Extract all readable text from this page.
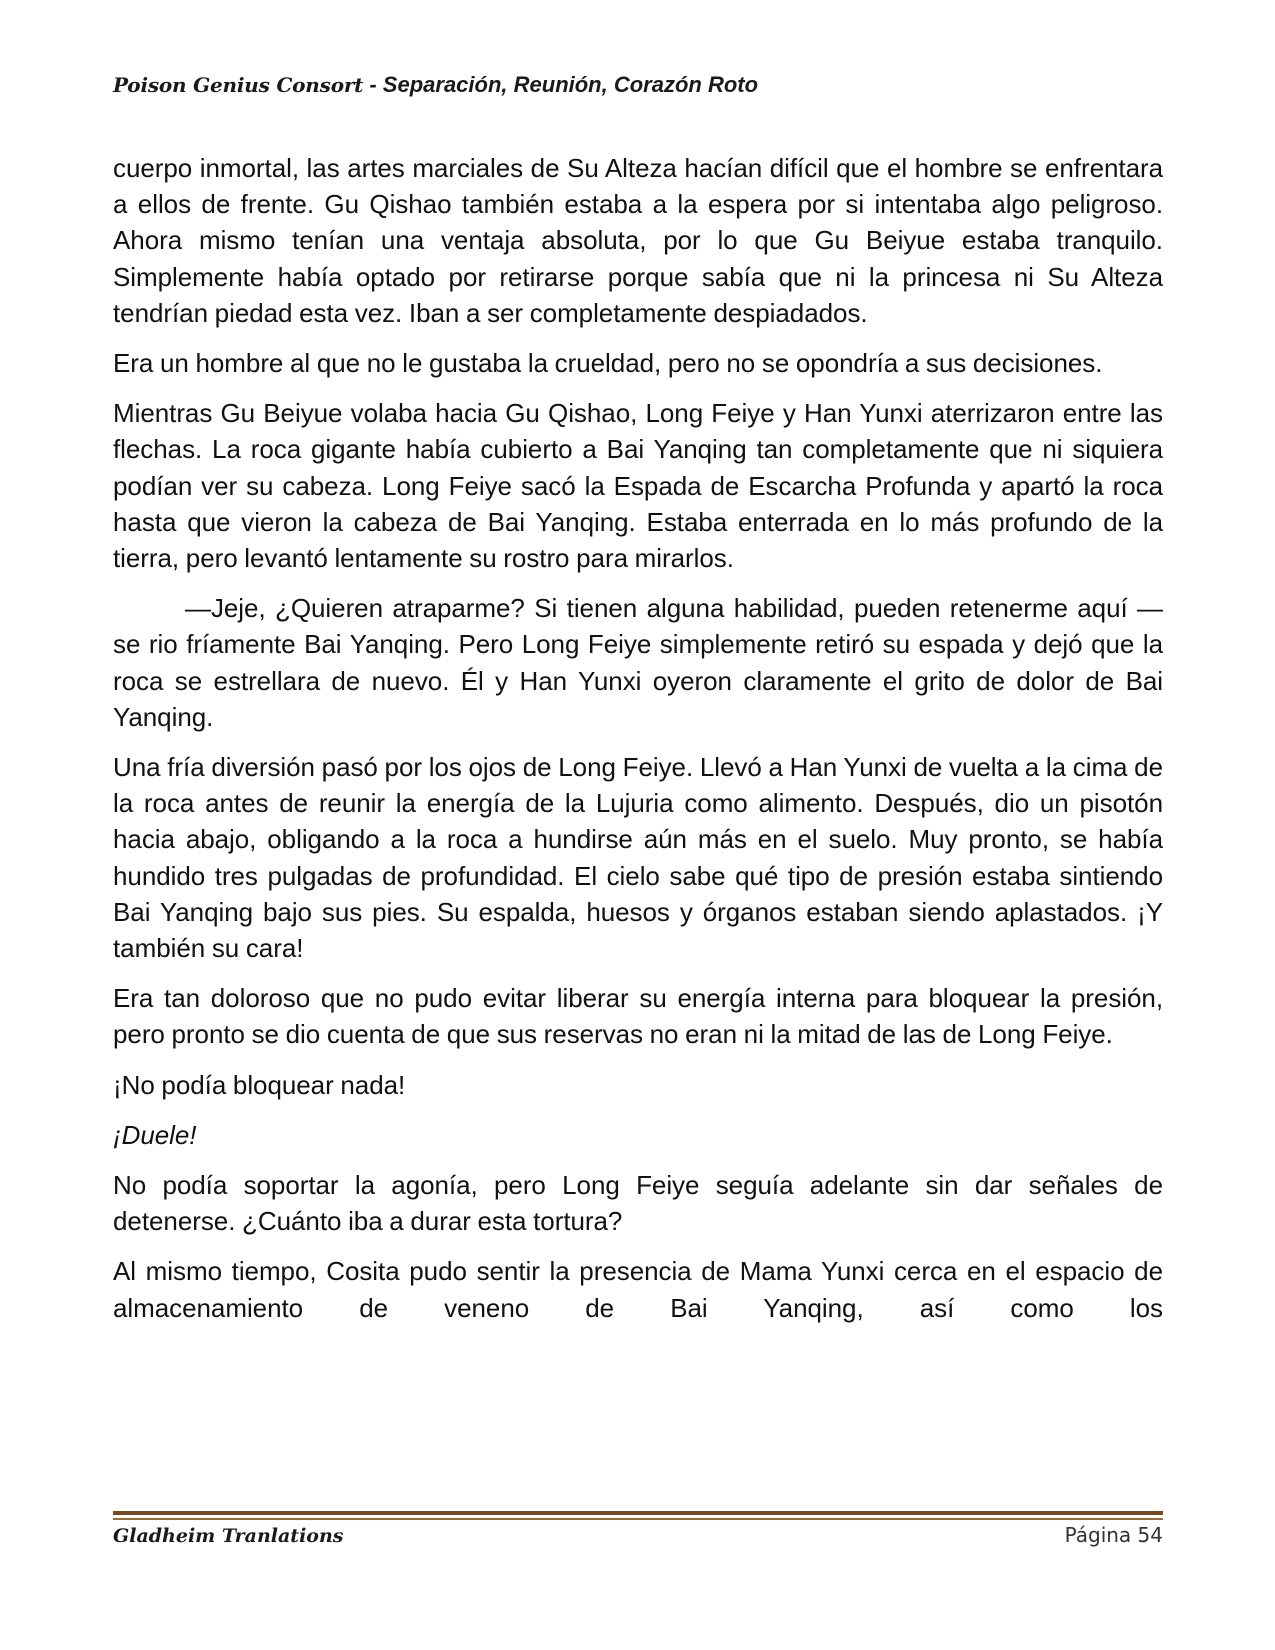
Poison Genius Consort - Separación, Reunión, Corazón Roto

cuerpo inmortal, las artes marciales de Su Alteza hacían difícil que el hombre se enfrentara a ellos de frente. Gu Qishao también estaba a la espera por si intentaba algo peligroso. Ahora mismo tenían una ventaja absoluta, por lo que Gu Beiyue estaba tranquilo. Simplemente había optado por retirarse porque sabía que ni la princesa ni Su Alteza tendrían piedad esta vez. Iban a ser completamente despiadados.

Era un hombre al que no le gustaba la crueldad, pero no se opondría a sus decisiones.

Mientras Gu Beiyue volaba hacia Gu Qishao, Long Feiye y Han Yunxi aterrizaron entre las flechas. La roca gigante había cubierto a Bai Yanqing tan completamente que ni siquiera podían ver su cabeza. Long Feiye sacó la Espada de Escarcha Profunda y apartó la roca hasta que vieron la cabeza de Bai Yanqing. Estaba enterrada en lo más profundo de la tierra, pero levantó lentamente su rostro para mirarlos.

—Jeje, ¿Quieren atraparme? Si tienen alguna habilidad, pueden retenerme aquí —se rio fríamente Bai Yanqing. Pero Long Feiye simplemente retiró su espada y dejó que la roca se estrellara de nuevo. Él y Han Yunxi oyeron claramente el grito de dolor de Bai Yanqing.

Una fría diversión pasó por los ojos de Long Feiye. Llevó a Han Yunxi de vuelta a la cima de la roca antes de reunir la energía de la Lujuria como alimento. Después, dio un pisotón hacia abajo, obligando a la roca a hundirse aún más en el suelo. Muy pronto, se había hundido tres pulgadas de profundidad. El cielo sabe qué tipo de presión estaba sintiendo Bai Yanqing bajo sus pies. Su espalda, huesos y órganos estaban siendo aplastados. ¡Y también su cara!

Era tan doloroso que no pudo evitar liberar su energía interna para bloquear la presión, pero pronto se dio cuenta de que sus reservas no eran ni la mitad de las de Long Feiye.

¡No podía bloquear nada!

¡Duele!

No podía soportar la agonía, pero Long Feiye seguía adelante sin dar señales de detenerse. ¿Cuánto iba a durar esta tortura?

Al mismo tiempo, Cosita pudo sentir la presencia de Mama Yunxi cerca en el espacio de almacenamiento de veneno de Bai Yanqing, así como los

Gladheim Tranlations	Página 54
